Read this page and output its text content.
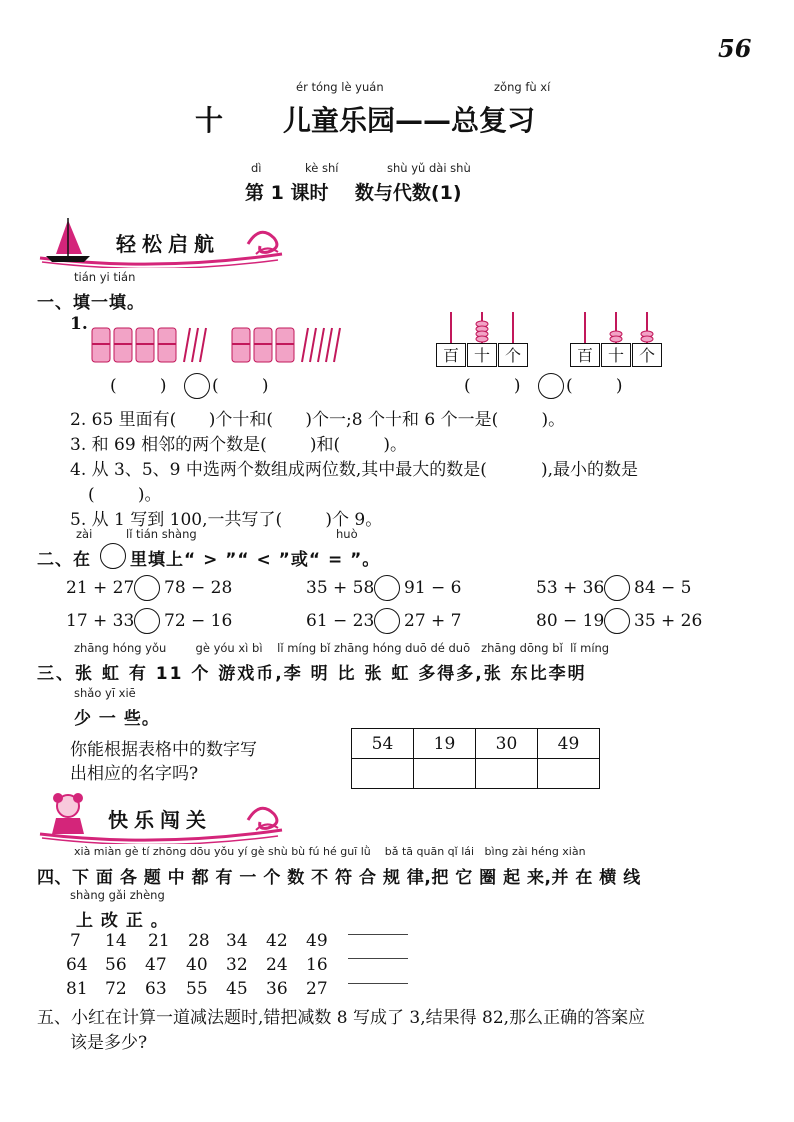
56
ér tóng lè yuán	zǒng fù xí
十 儿童乐园——总复习
dì	kè shí	shù yǔ dài shù
第 1 课时    数与代数(1)
轻松启航
tián yi tián
一、填一填。
1.
(        )	(        )
百 十 个	百 十 个
(        )	(        )
2. 65 里面有(      )个十和(      )个一;8 个十和 6 个一是(        )。
3. 和 69 相邻的两个数是(        )和(        )。
4. 从 3、5、9 中选两个数组成两位数,其中最大的数是(          ),最小的数是
(        )。
5. 从 1 写到 100,一共写了(        )个 9。
zài	lǐ tián shàng	huò
二、在 里填上“ > ”“ < ”或“ = ”。
21 + 27 78 − 28	35 + 58 91 − 6	53 + 36 84 − 5
17 + 33 72 − 16	61 − 23 27 + 7	80 − 19 35 + 26
zhāng hóng yǒu        gè yóu xì bì    lǐ míng bǐ zhāng hóng duō dé duō   zhāng dōng bǐ  lǐ míng
三、张 虹 有 11 个 游戏币,李 明 比 张 虹 多得多,张 东比李明
shǎo yī xiē
少 一 些。
你能根据表格中的数字写
出相应的名字吗?
54	19	30	49

快乐闯关
xià miàn gè tí zhōng dōu yǒu yí gè shù bù fú hé guī lǜ    bǎ tā quān qǐ lái   bìng zài héng xiàn
四、下 面 各 题 中 都 有 一 个 数 不 符 合 规 律,把 它 圈 起 来,并 在 横 线
shàng gǎi zhèng
上 改 正 。
7 14 21 28 34 42 49
64 56 47 40 32 24 16
81 72 63 55 45 36 27
五、小红在计算一道减法题时,错把减数 8 写成了 3,结果得 82,那么正确的答案应
该是多少?
